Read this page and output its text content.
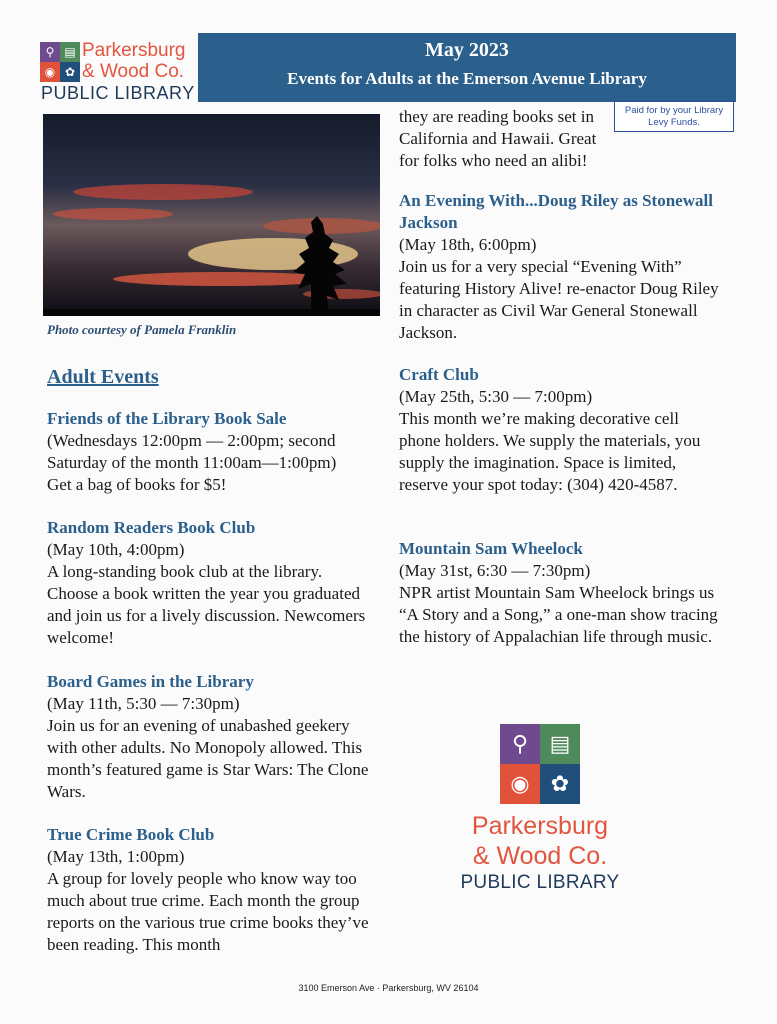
⚲ ▤
◉ ✿
Parkersburg
& Wood Co.
PUBLIC LIBRARY
May 2023
Events for Adults at the Emerson Avenue Library
Paid for by your Library Levy Funds.
Photo courtesy of Pamela Franklin
Adult Events
Friends of the Library Book Sale
(Wednesdays 12:00pm — 2:00pm; second Saturday of the month 11:00am—1:00pm)
Get a bag of books for $5!
Random Readers Book Club
(May 10th, 4:00pm)
A long-standing book club at the library. Choose a book written the year you graduated and join us for a lively discussion. Newcomers welcome!
Board Games in the Library
(May 11th, 5:30 — 7:30pm)
Join us for an evening of unabashed geekery with other adults. No Monopoly allowed. This month’s featured game is Star Wars: The Clone Wars.
True Crime Book Club
(May 13th, 1:00pm)
A group for lovely people who know way too much about true crime. Each month the group reports on the various true crime books they’ve been reading. This month
they are reading books set in California and Hawaii. Great for folks who need an alibi!
An Evening With...Doug Riley as Stonewall Jackson
(May 18th, 6:00pm)
Join us for a very special “Evening With” featuring History Alive! re-enactor Doug Riley in character as Civil War General Stonewall Jackson.
Craft Club
(May 25th, 5:30 — 7:00pm)
This month we’re making decorative cell phone holders. We supply the materials, you supply the imagination. Space is limited, reserve your spot today: (304) 420-4587.
Mountain Sam Wheelock
(May 31st, 6:30 — 7:30pm)
NPR artist Mountain Sam Wheelock brings us “A Story and a Song,” a one-man show tracing the history of Appalachian life through music.
⚲ ▤
◉ ✿
Parkersburg
& Wood Co.
PUBLIC LIBRARY
3100 Emerson Ave · Parkersburg, WV 26104
